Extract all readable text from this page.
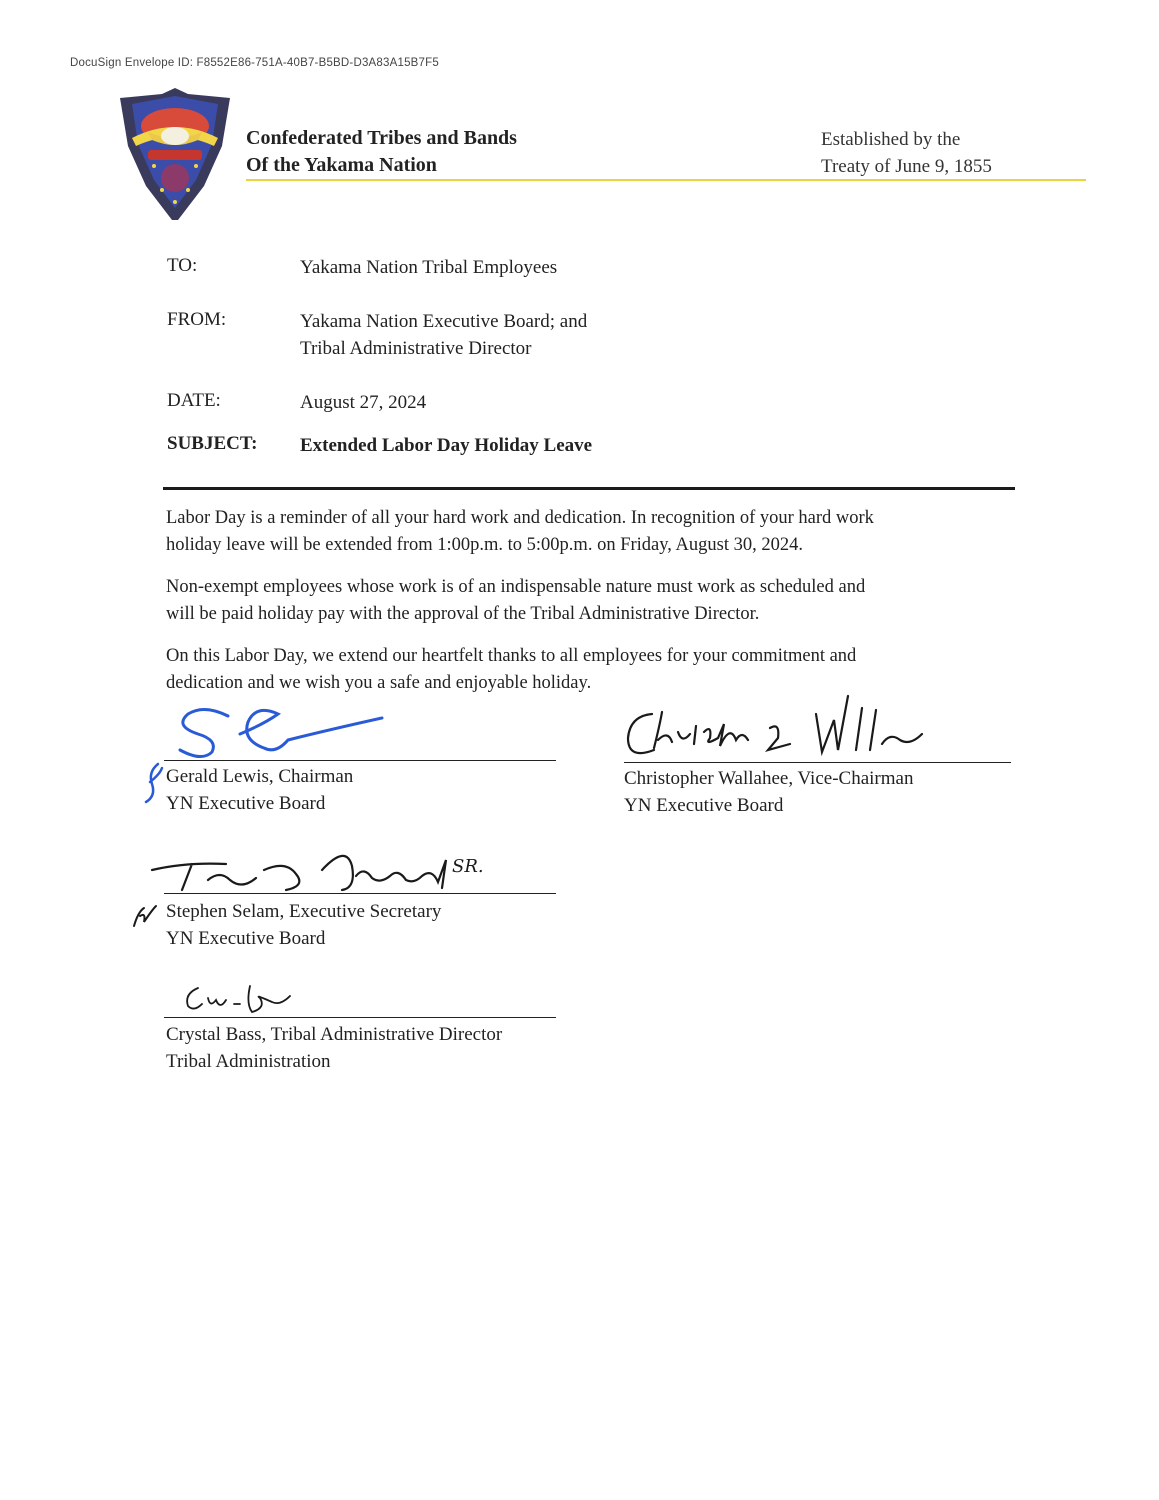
DocuSign Envelope ID: F8552E86-751A-40B7-B5BD-D3A83A15B7F5
Confederated Tribes and Bands
Of the Yakama Nation
Established by the
Treaty of June 9, 1855
TO:	Yakama Nation Tribal Employees
FROM:	Yakama Nation Executive Board; and
Tribal Administrative Director
DATE:	August 27, 2024
SUBJECT: Extended Labor Day Holiday Leave
Labor Day is a reminder of all your hard work and dedication. In recognition of your hard work
holiday leave will be extended from 1:00p.m. to 5:00p.m. on Friday, August 30, 2024.
Non-exempt employees whose work is of an indispensable nature must work as scheduled and
will be paid holiday pay with the approval of the Tribal Administrative Director.
On this Labor Day, we extend our heartfelt thanks to all employees for your commitment and
dedication and we wish you a safe and enjoyable holiday.
Gerald Lewis, Chairman
YN Executive Board
Christopher Wallahee, Vice-Chairman
YN Executive Board
SR.
Stephen Selam, Executive Secretary
YN Executive Board
Crystal Bass, Tribal Administrative Director
Tribal Administration
